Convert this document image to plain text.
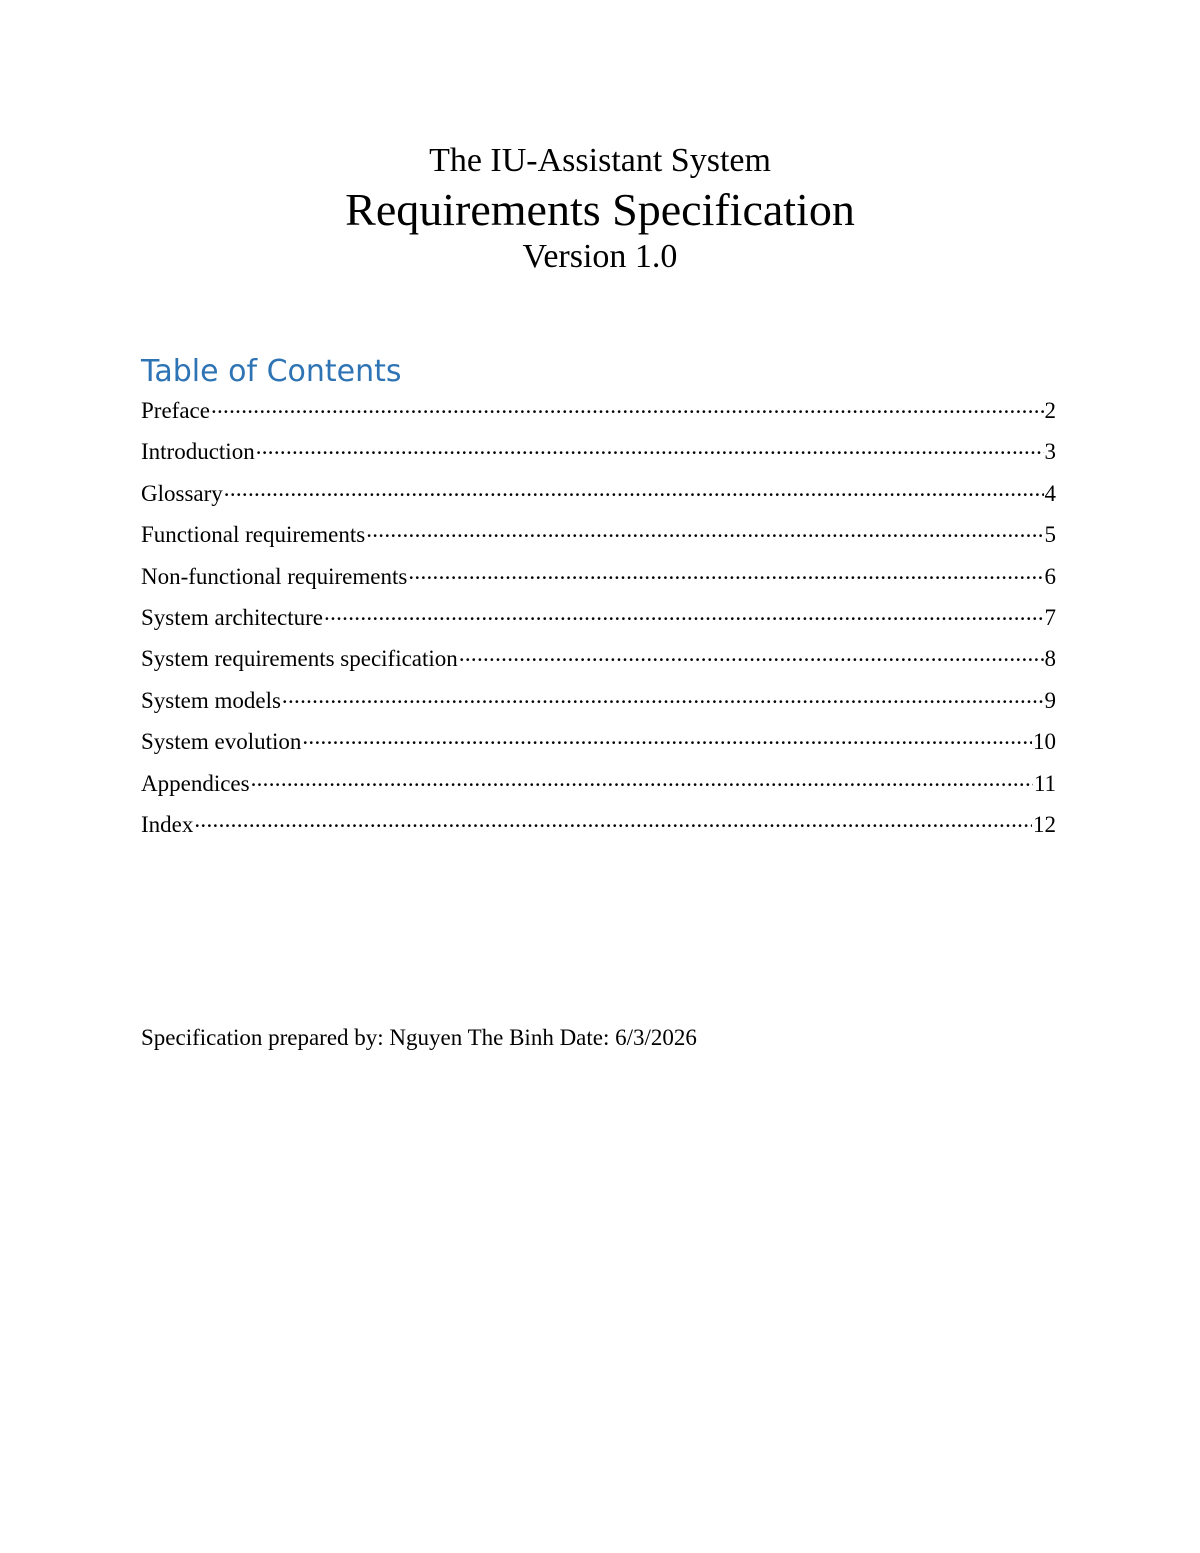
The IU-Assistant System

Requirements Specification

Version 1.0

Table of Contents
Preface .....	2
Introduction .....	3
Glossary .....	4
Functional requirements .....	5
Non-functional requirements .....	6
System architecture .....	7
System requirements specification .....	8
System models .....	9
System evolution .....	10
Appendices .....	11
Index .....	12

Specification prepared by: Nguyen The Binh Date: 6/3/2026
